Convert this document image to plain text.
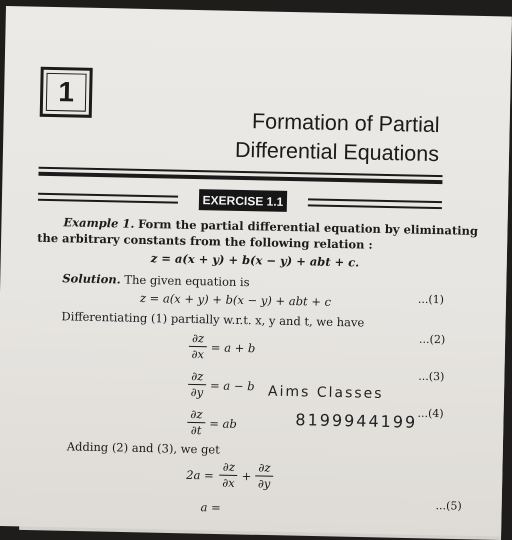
1
Formation of Partial
Differential Equations
EXERCISE 1.1
Example 1. Form the partial differential equation by eliminating
the arbitrary constants from the following relation :
z = a(x + y) + b(x − y) + abt + c.
Solution. The given equation is
z = a(x + y) + b(x − y) + abt + c	...(1)
Differentiating (1) partially w.r.t. x, y and t, we have
∂z
∂x = a + b
...(2)
∂z
∂y = a − b
...(3)
∂z
∂t = ab
...(4)
Aims Classes
8199944199
Adding (2) and (3), we get
2a =
∂z
∂x +
∂z
∂y
a =	...(5)
